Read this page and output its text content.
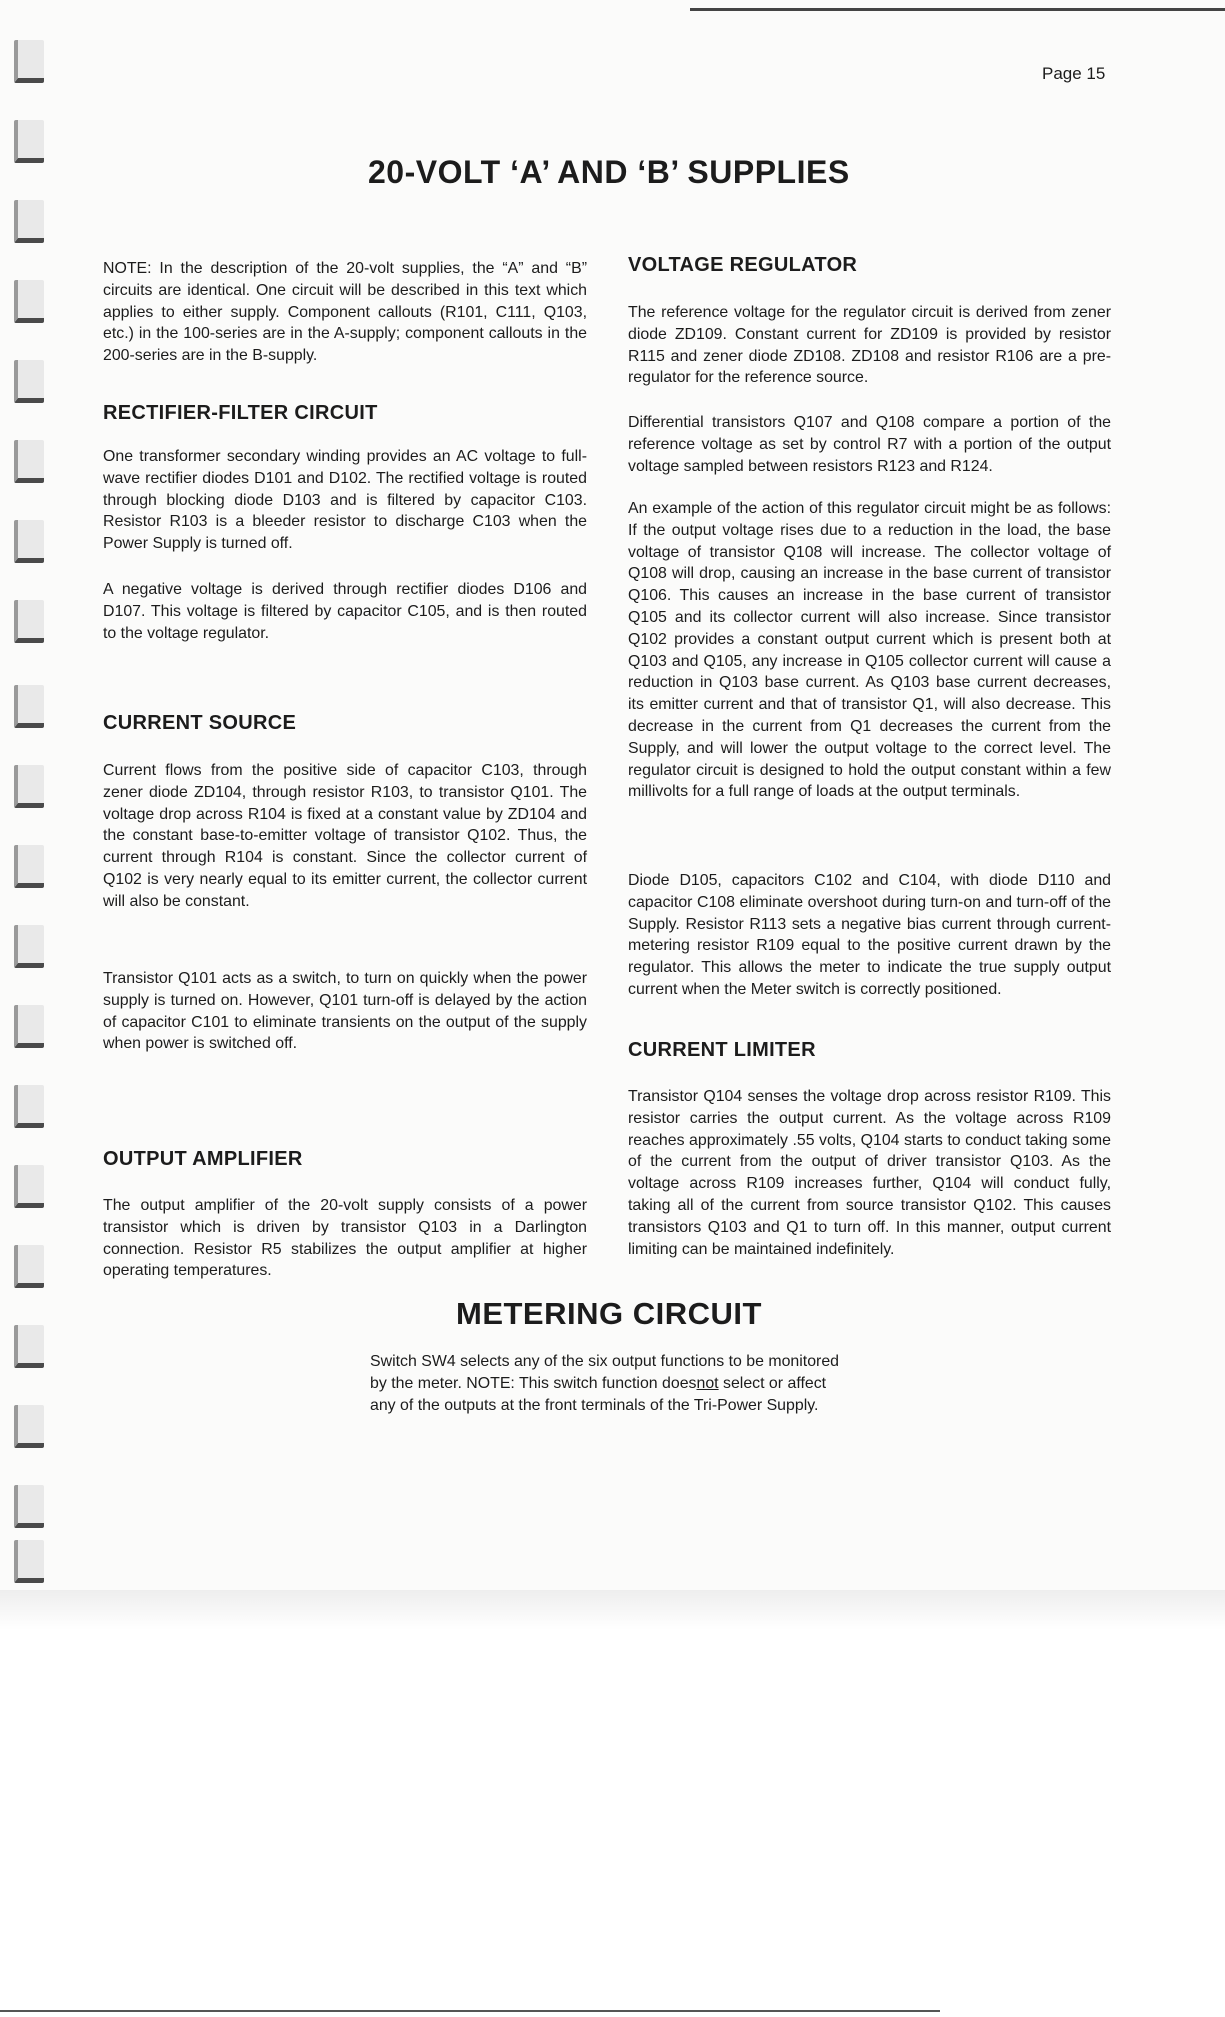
Page 15
20-VOLT ‘A’ AND ‘B’ SUPPLIES

NOTE: In the description of the 20-volt supplies, the “A” and “B” circuits are identical. One circuit will be described in this text which applies to either supply. Component callouts (R101, C111, Q103, etc.) in the 100-series are in the A-supply; component callouts in the 200-series are in the B-supply.

RECTIFIER-FILTER CIRCUIT

One transformer secondary winding provides an AC voltage to full-wave rectifier diodes D101 and D102. The rectified voltage is routed through blocking diode D103 and is filtered by capacitor C103. Resistor R103 is a bleeder resistor to discharge C103 when the Power Supply is turned off.

A negative voltage is derived through rectifier diodes D106 and D107. This voltage is filtered by capacitor C105, and is then routed to the voltage regulator.

CURRENT SOURCE

Current flows from the positive side of capacitor C103, through zener diode ZD104, through resistor R103, to transistor Q101. The voltage drop across R104 is fixed at a constant value by ZD104 and the constant base-to-emitter voltage of transistor Q102. Thus, the current through R104 is constant. Since the collector current of Q102 is very nearly equal to its emitter current, the collector current will also be constant.

Transistor Q101 acts as a switch, to turn on quickly when the power supply is turned on. However, Q101 turn-off is delayed by the action of capacitor C101 to eliminate transients on the output of the supply when power is switched off.

OUTPUT AMPLIFIER

The output amplifier of the 20-volt supply consists of a power transistor which is driven by transistor Q103 in a Darlington connection. Resistor R5 stabilizes the output amplifier at higher operating temperatures.

VOLTAGE REGULATOR

The reference voltage for the regulator circuit is derived from zener diode ZD109. Constant current for ZD109 is provided by resistor R115 and zener diode ZD108. ZD108 and resistor R106 are a pre-regulator for the reference source.

Differential transistors Q107 and Q108 compare a portion of the reference voltage as set by control R7 with a portion of the output voltage sampled between resistors R123 and R124.

An example of the action of this regulator circuit might be as follows: If the output voltage rises due to a reduction in the load, the base voltage of transistor Q108 will increase. The collector voltage of Q108 will drop, causing an increase in the base current of transistor Q106. This causes an increase in the base current of transistor Q105 and its collector current will also increase. Since transistor Q102 provides a constant output current which is present both at Q103 and Q105, any increase in Q105 collector current will cause a reduction in Q103 base current. As Q103 base current decreases, its emitter current and that of transistor Q1, will also decrease. This decrease in the current from Q1 decreases the current from the Supply, and will lower the output voltage to the correct level. The regulator circuit is designed to hold the output constant within a few millivolts for a full range of loads at the output terminals.

Diode D105, capacitors C102 and C104, with diode D110 and capacitor C108 eliminate overshoot during turn-on and turn-off of the Supply. Resistor R113 sets a negative bias current through current-metering resistor R109 equal to the positive current drawn by the regulator. This allows the meter to indicate the true supply output current when the Meter switch is correctly positioned.

CURRENT LIMITER

Transistor Q104 senses the voltage drop across resistor R109. This resistor carries the output current. As the voltage across R109 reaches approximately .55 volts, Q104 starts to conduct taking some of the current from the output of driver transistor Q103. As the voltage across R109 increases further, Q104 will conduct fully, taking all of the current from source transistor Q102. This causes transistors Q103 and Q1 to turn off. In this manner, output current limiting can be maintained indefinitely.

METERING CIRCUIT

Switch SW4 selects any of the six output functions to be monitored by the meter. NOTE: This switch function doesnot select or affect any of the outputs at the front terminals of the Tri-Power Supply.
